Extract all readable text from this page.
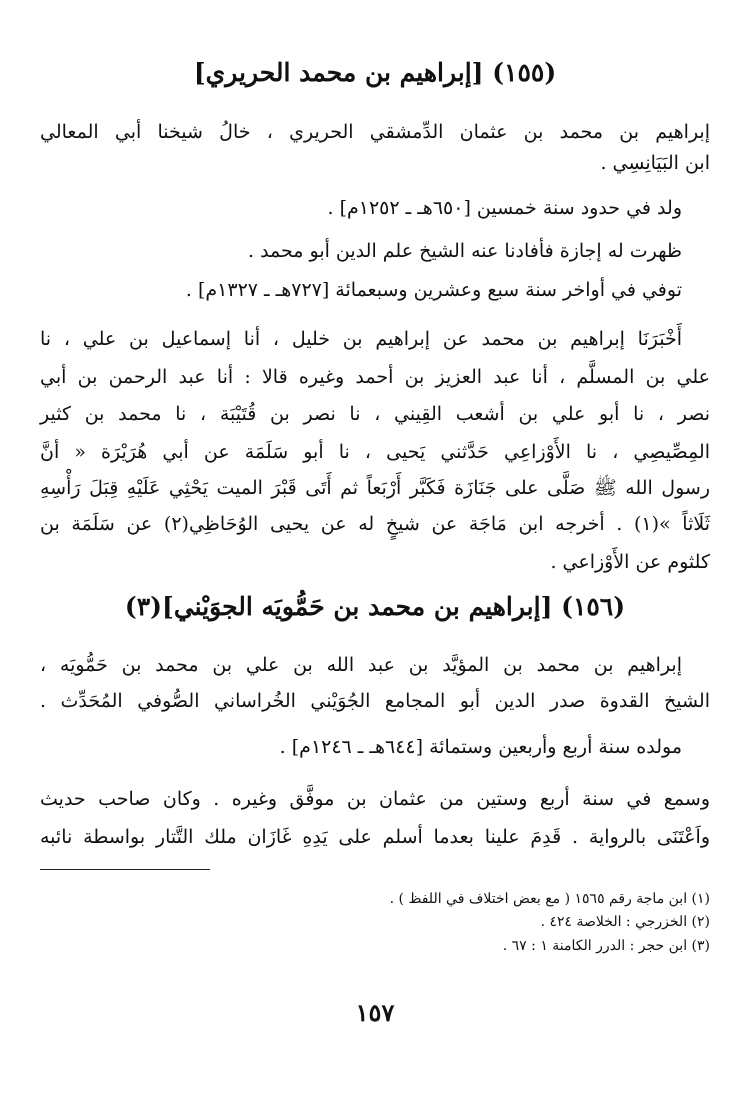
(١٥٥) [إبراهيم بن محمد الحريري]
إبراهيم بن محمد بن عثمان الدِّمشقي الحريري ، خالُ شيخنا أبي المعالي
ابن البَيَانِسِي .
ولد في حدود سنة خمسين [٦٥٠هـ ـ ١٢٥٢م] .
ظهرت له إجازة فأفادنا عنه الشيخ علم الدين أبو محمد .
توفي في أواخر سنة سبع وعشرين وسبعمائة [٧٢٧هـ ـ ١٣٢٧م] .
أَخْبَرَنَا إبراهيم بن محمد عن إبراهيم بن خليل ، أنا إسماعيل بن علي ، نا
علي بن المسلَّم ، أنا عبد العزيز بن أحمد وغيره قالا : أنا عبد الرحمن بن أبي
نصر ، نا أبو علي بن أشعب القِيني ، نا نصر بن قُتَيْبَة ، نا محمد بن كثير
المِصِّيصِي ، نا الأَوْزاعِي حَدَّثني يَحيى ، نا أبو سَلَمَة عن أبي هُرَيْرَة « أنَّ
رسول الله ﷺ صَلَّى على جَنَازَة فَكَبَّر أَرْبَعاً ثم أَتَى قَبْرَ الميت يَحْثِي عَلَيْهِ قِبَلَ رَأْسِهِ
ثَلَاثاً »(١) . أخرجه ابن مَاجَة عن شيخٍ له عن يحيى الوُحَاظِي(٢) عن سَلَمَة بن
كلثوم عن الأَوْزاعي .
(١٥٦) [إبراهيم بن محمد بن حَمُّويَه الجوَيْني](٣)
إبراهيم بن محمد بن المؤيَّد بن عبد الله بن علي بن محمد بن حَمُّويَه ،
الشيخ القدوة صدر الدين أبو المجامع الجُوَيْني الخُراساني الصُّوفي المُحَدِّث .
مولده سنة أربع وأربعين وستمائة [٦٤٤هـ ـ ١٢٤٦م] .
وسمع في سنة أربع وستين من عثمان بن موفَّق وغيره . وكان صاحب حديث
واَعْتَنَى بالرواية . قَدِمَ علينا بعدما أسلم على يَدِهِ غَازَان ملك التَّتار بواسطة نائبه
(١) ابن ماجة رقم ١٥٦٥ ( مع بعض اختلاف في اللفظ ) .
(٢) الخزرجي : الخلاصة ٤٢٤ .
(٣) ابن حجر : الدرر الكامنة ١ : ٦٧ .
١٥٧
